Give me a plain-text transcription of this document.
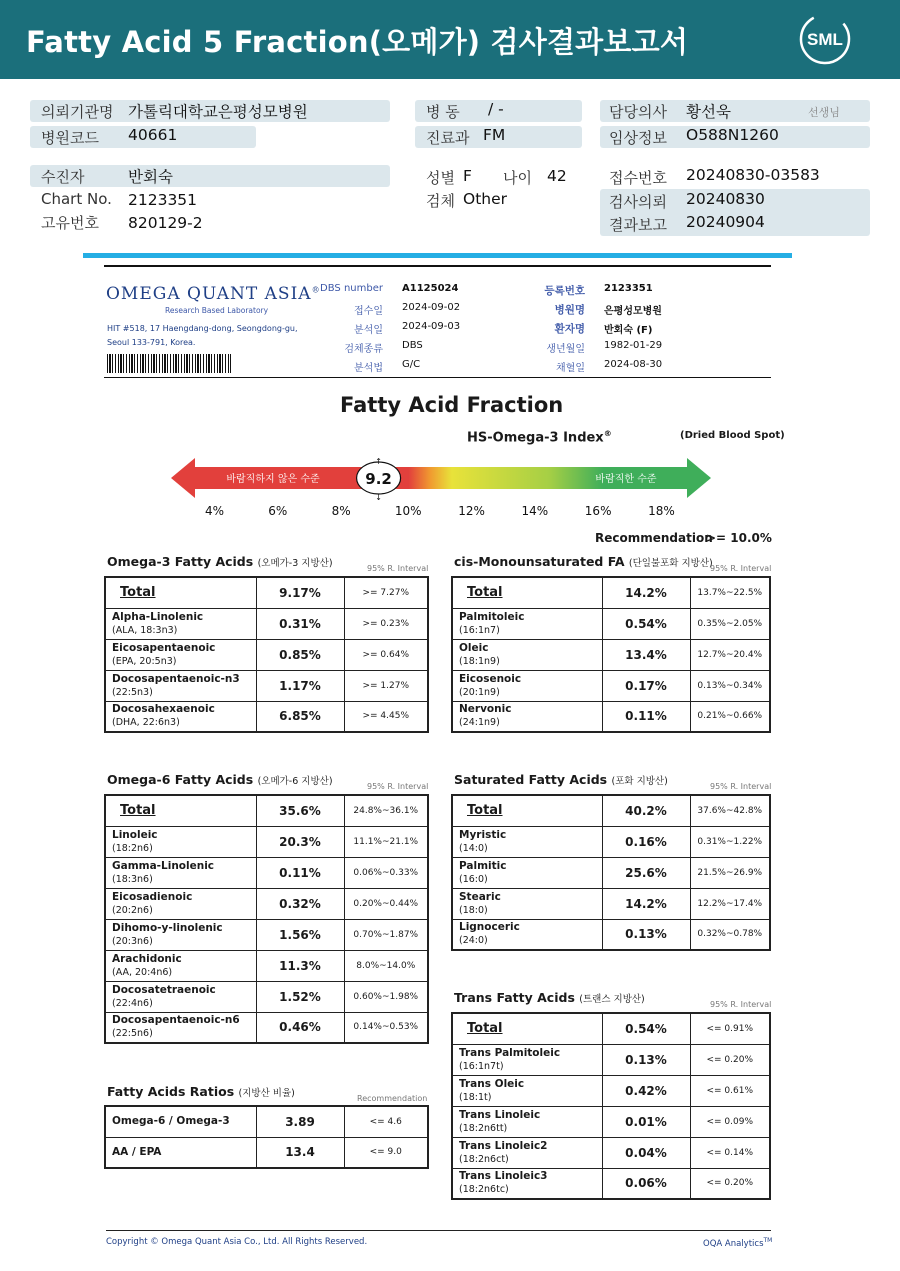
Fatty Acid 5 Fraction(오메가) 검사결과보고서	SML
의뢰기관명 가톨릭대학교은평성모병원	병 동 / -	담당의사 황선욱	선생님
병원코드 40661	진료과 FM	임상정보 O588N1260
수진자	반회숙	성별 F 나이 42	접수번호 20240830-03583
Chart No. 2123351	검체 Other	검사의뢰 20240830
결과보고 20240904
고유번호 820129-2
OMEGA QUANT ASIA®
Research Based Laboratory
HIT #518, 17 Haengdang-dong, Seongdong-gu,
Seoul 133-791, Korea.
DBS number A1125024
접수일 2024-09-02
분석일 2024-09-03
검체종류 DBS
분석법 G/C
등록번호 2123351
병원명 은평성모병원
환자명 반회숙 (F)
생년월일 1982-01-29
채혈일 2024-08-30
Fatty Acid Fraction
HS-Omega-3 Index®	(Dried Blood Spot)
바람직하지 않은 수준	바람직한 수준
9.2
↑
↓
4%	6%	8%	10%	12%	14%	16%	18%
Recommendation
>= 10.0%
Omega-3 Fatty Acids (오메가-3 지방산)	95% R. Interval cis-Monounsaturated FA (단일불포화 지방산)
95% R. Interval
Omega-6 Fatty Acids (오메가-6 지방산)	95% R. Interval Saturated Fatty Acids (포화 지방산)	95% R. Interval
Trans Fatty Acids (트랜스 지방산)	95% R. Interval
Fatty Acids Ratios (지방산 비율)	Recommendation
Total	9.17%	>= 7.27%
Alpha-Linolenic
(ALA, 18:3n3)	0.31%	>= 0.23%
Eicosapentaenoic
(EPA, 20:5n3)	0.85%	>= 0.64%
Docosapentaenoic-n3
(22:5n3)	1.17%	>= 1.27%
Docosahexaenoic
(DHA, 22:6n3)	6.85%	>= 4.45%
Total	14.2%	13.7%~22.5%
Palmitoleic
(16:1n7)	0.54%	0.35%~2.05%
Oleic
(18:1n9)	13.4%	12.7%~20.4%
Eicosenoic
(20:1n9)	0.17%	0.13%~0.34%
Nervonic
(24:1n9)	0.11%	0.21%~0.66%
Total	35.6%	24.8%~36.1%
Linoleic
(18:2n6)	20.3%	11.1%~21.1%
Gamma-Linolenic
(18:3n6)	0.11%	0.06%~0.33%
Eicosadienoic
(20:2n6)	0.32%	0.20%~0.44%
Dihomo-y-linolenic
(20:3n6)	1.56%	0.70%~1.87%
Arachidonic
(AA, 20:4n6)	11.3%	8.0%~14.0%
Docosatetraenoic
(22:4n6)	1.52%	0.60%~1.98%
Docosapentaenoic-n6
(22:5n6)	0.46%	0.14%~0.53%
Total	40.2%	37.6%~42.8%
Myristic
(14:0)	0.16%	0.31%~1.22%
Palmitic
(16:0)	25.6%	21.5%~26.9%
Stearic
(18:0)	14.2%	12.2%~17.4%
Lignoceric
(24:0)	0.13%	0.32%~0.78%
Total	0.54%	<= 0.91%
Trans Palmitoleic
(16:1n7t)	0.13%	<= 0.20%
Trans Oleic
(18:1t)	0.42%	<= 0.61%
Trans Linoleic
(18:2n6tt)	0.01%	<= 0.09%
Trans Linoleic2
(18:2n6ct)	0.04%	<= 0.14%
Trans Linoleic3
(18:2n6tc)	0.06%	<= 0.20%
Omega-6 / Omega-3	3.89	<= 4.6
AA / EPA	13.4	<= 9.0
Copyright © Omega Quant Asia Co., Ltd. All Rights Reserved.	OQA Analytics™
